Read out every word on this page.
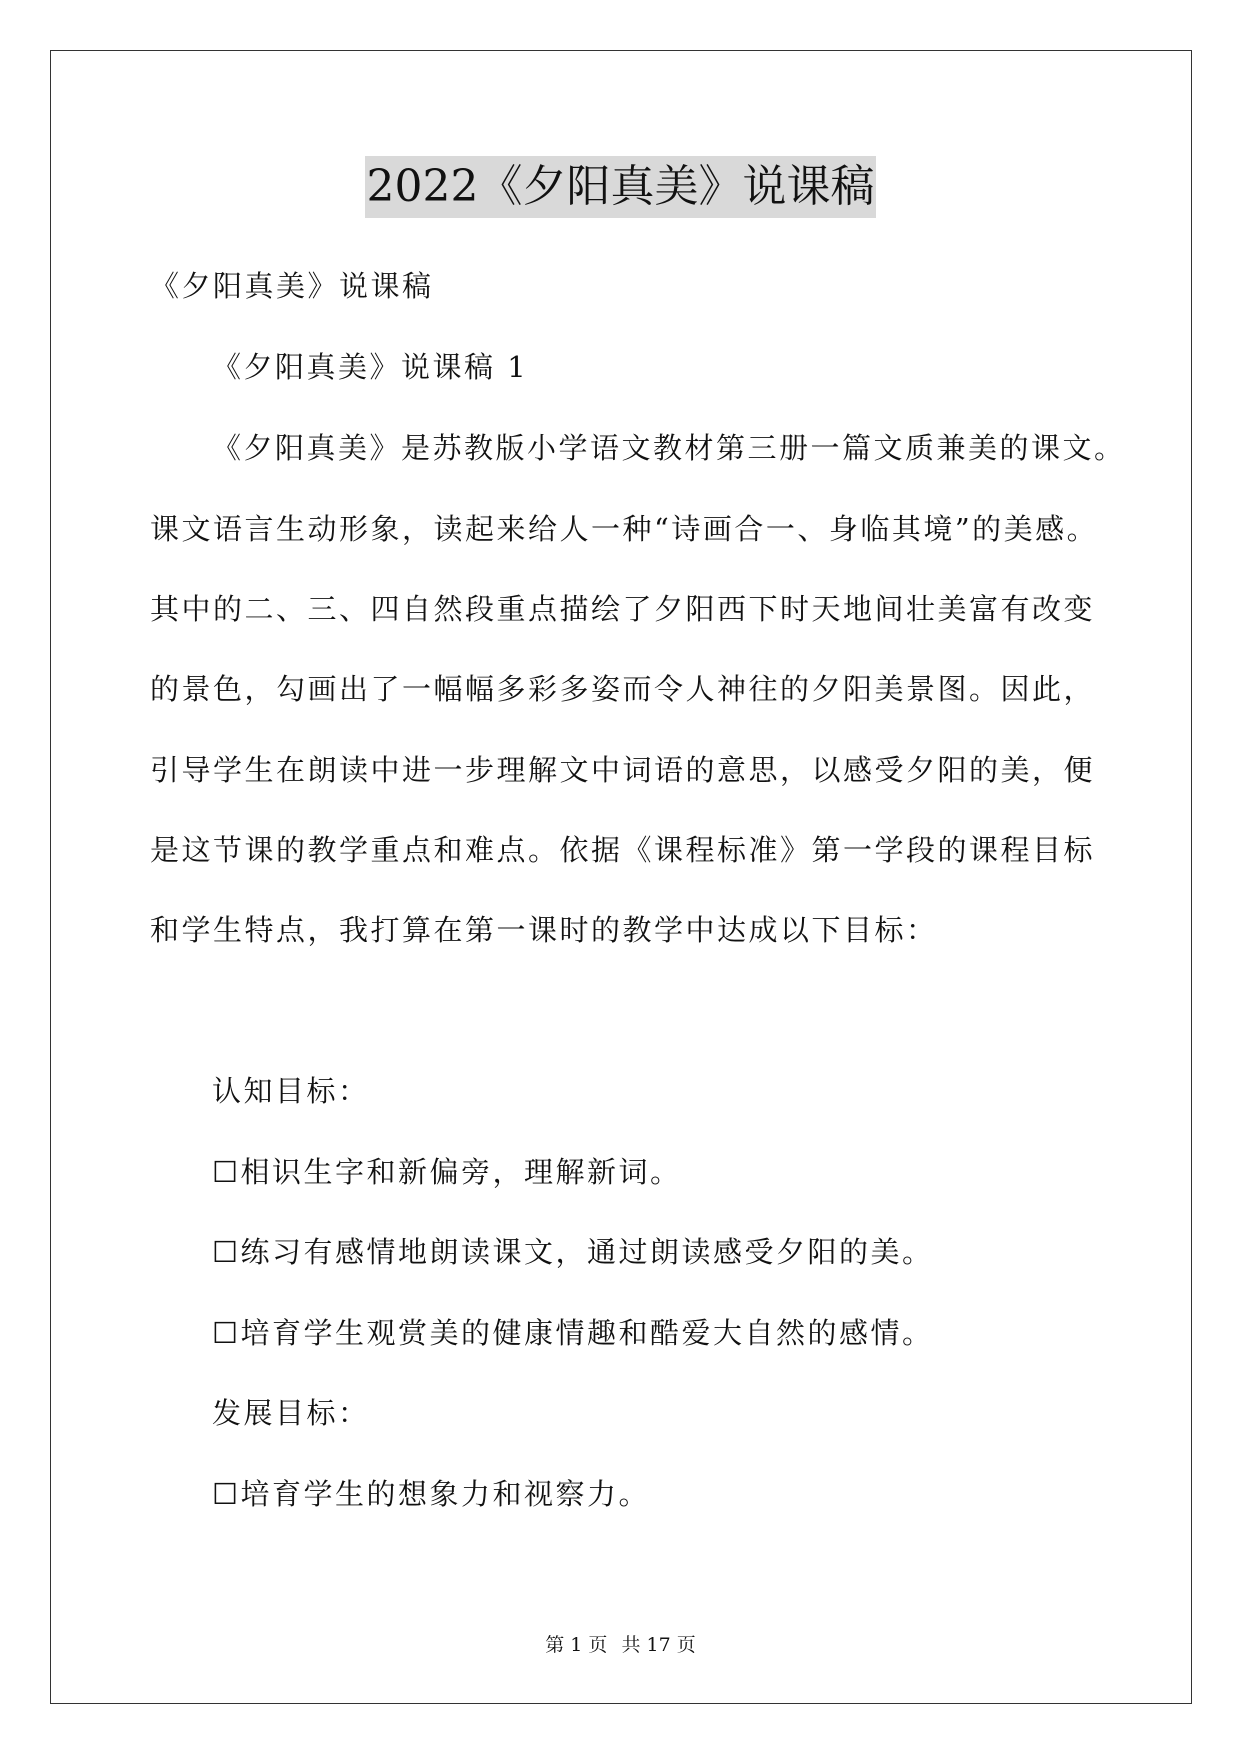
2022《夕阳真美》说课稿
《夕阳真美》说课稿
《夕阳真美》说课稿 1
《夕阳真美》是苏教版小学语文教材第三册一篇文质兼美的课文。
课文语言生动形象，读起来给人一种“诗画合一、身临其境”的美感。
其中的二、三、四自然段重点描绘了夕阳西下时天地间壮美富有改变
的景色，勾画出了一幅幅多彩多姿而令人神往的夕阳美景图。因此，
引导学生在朗读中进一步理解文中词语的意思，以感受夕阳的美，便
是这节课的教学重点和难点。依据《课程标准》第一学段的课程目标
和学生特点，我打算在第一课时的教学中达成以下目标：
认知目标：
☐相识生字和新偏旁，理解新词。
☐练习有感情地朗读课文，通过朗读感受夕阳的美。
☐培育学生观赏美的健康情趣和酷爱大自然的感情。
发展目标：
☐培育学生的想象力和视察力。
第 1 页 共 17 页
